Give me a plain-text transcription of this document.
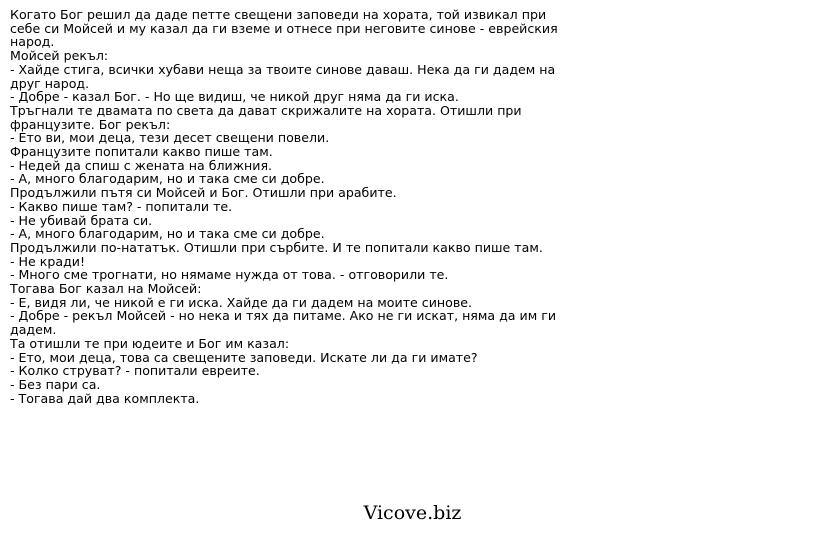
Когато Бог решил да даде петте свещени заповеди на хората, той извикал при себе си Мойсей и му казал да ги вземе и отнесе при неговите синове - еврейския народ.

Мойсей рекъл:

- Хайде стига, всички хубави неща за твоите синове даваш. Нека да ги дадем на друг народ.

- Добре - казал Бог. - Но ще видиш, че никой друг няма да ги иска.

Тръгнали те двамата по света да дават скрижалите на хората. Отишли при французите. Бог рекъл:

- Ето ви, мои деца, тези десет свещени повели.

Французите попитали какво пише там.

- Недей да спиш с жената на ближния.

- А, много благодарим, но и така сме си добре.

Продължили пътя си Мойсей и Бог. Отишли при арабите.

- Какво пише там? - попитали те.

- Не убивай брата си.

- А, много благодарим, но и така сме си добре.

Продължили по-нататък. Отишли при сърбите. И те попитали какво пише там.

- Не кради!

- Много сме трогнати, но нямаме нужда от това. - отговорили те.

Тогава Бог казал на Мойсей:

- Е, видя ли, че никой е ги иска. Хайде да ги дадем на моите синове.

- Добре - рекъл Мойсей - но нека и тях да питаме. Ако не ги искат, няма да им ги дадем.

Та отишли те при юдеите и Бог им казал:

- Ето, мои деца, това са свещените заповеди. Искате ли да ги имате?

- Колко струват? - попитали евреите.

- Без пари са.

- Тогава дай два комплекта.

Vicove.biz
